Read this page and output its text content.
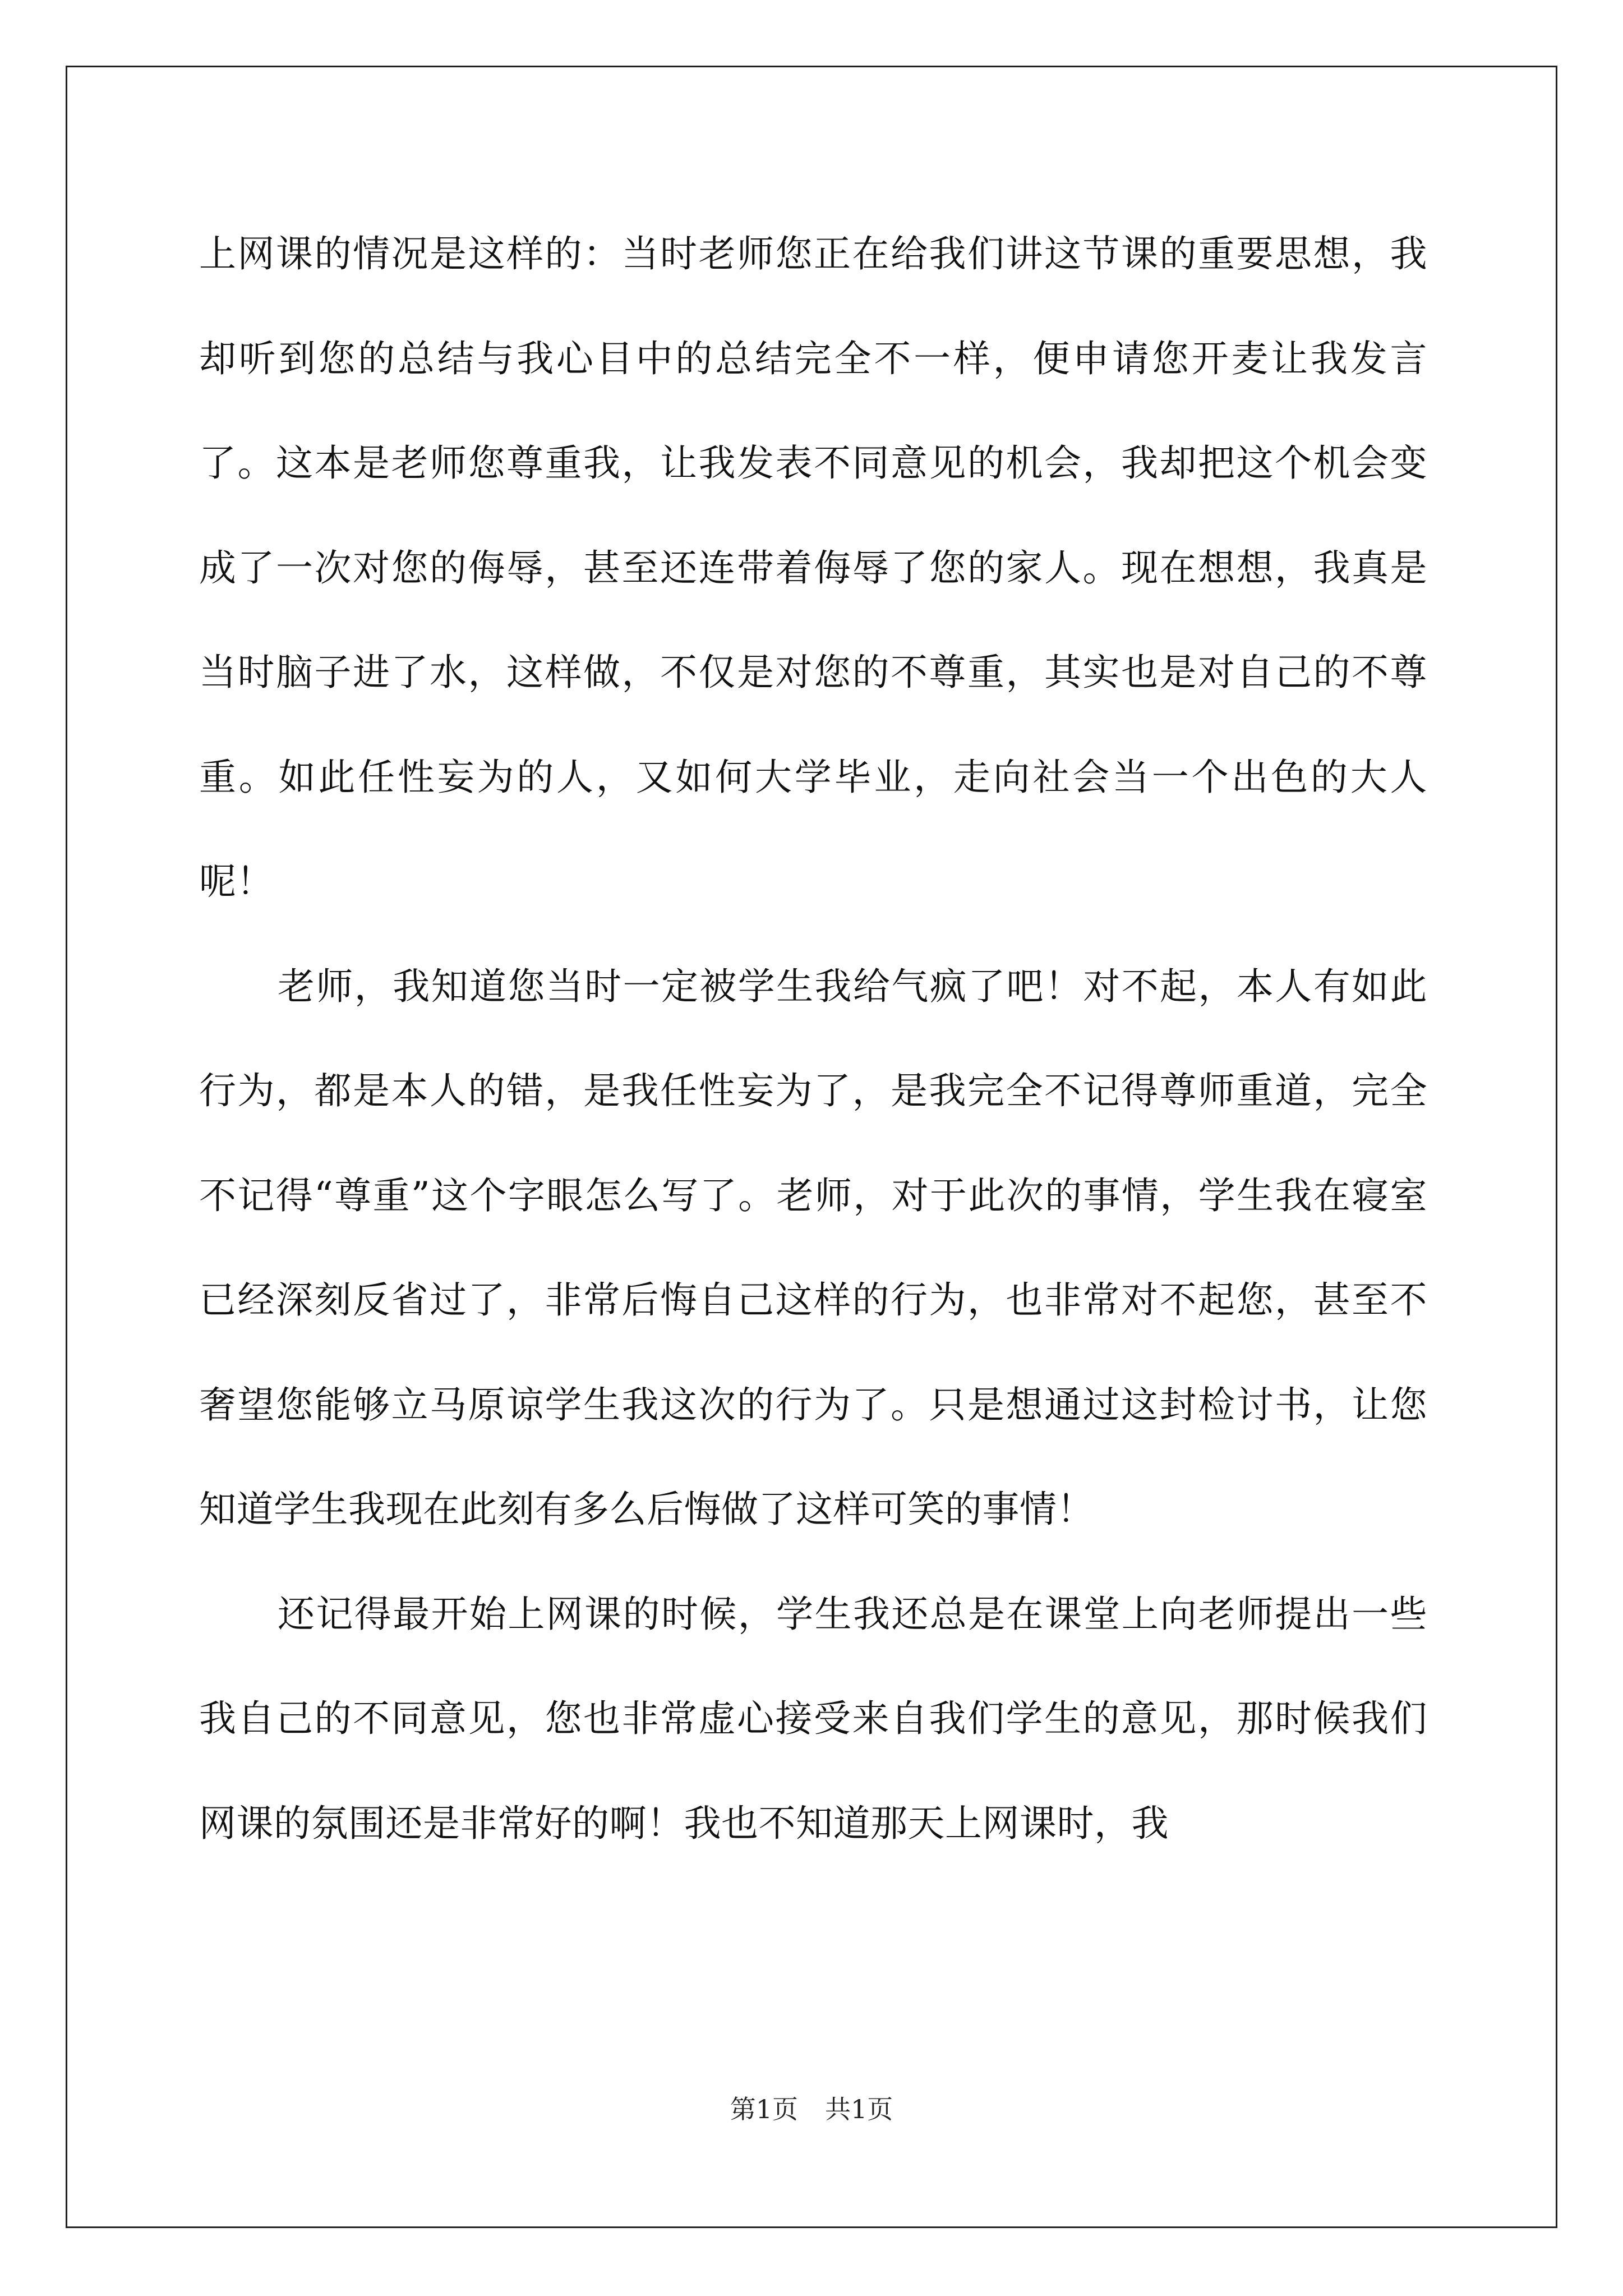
上网课的情况是这样的：当时老师您正在给我们讲这节课的重要思想，我却听到您的总结与我心目中的总结完全不一样，便申请您开麦让我发言了。这本是老师您尊重我，让我发表不同意见的机会，我却把这个机会变成了一次对您的侮辱，甚至还连带着侮辱了您的家人。现在想想，我真是当时脑子进了水，这样做，不仅是对您的不尊重，其实也是对自己的不尊重。如此任性妄为的人，又如何大学毕业，走向社会当一个出色的大人呢！

老师，我知道您当时一定被学生我给气疯了吧！对不起，本人有如此行为，都是本人的错，是我任性妄为了，是我完全不记得尊师重道，完全不记得“尊重”这个字眼怎么写了。老师，对于此次的事情，学生我在寝室已经深刻反省过了，非常后悔自己这样的行为，也非常对不起您，甚至不奢望您能够立马原谅学生我这次的行为了。只是想通过这封检讨书，让您知道学生我现在此刻有多么后悔做了这样可笑的事情！

还记得最开始上网课的时候，学生我还总是在课堂上向老师提出一些我自己的不同意见，您也非常虚心接受来自我们学生的意见，那时候我们网课的氛围还是非常好的啊！我也不知道那天上网课时，我

第1页 共1页
